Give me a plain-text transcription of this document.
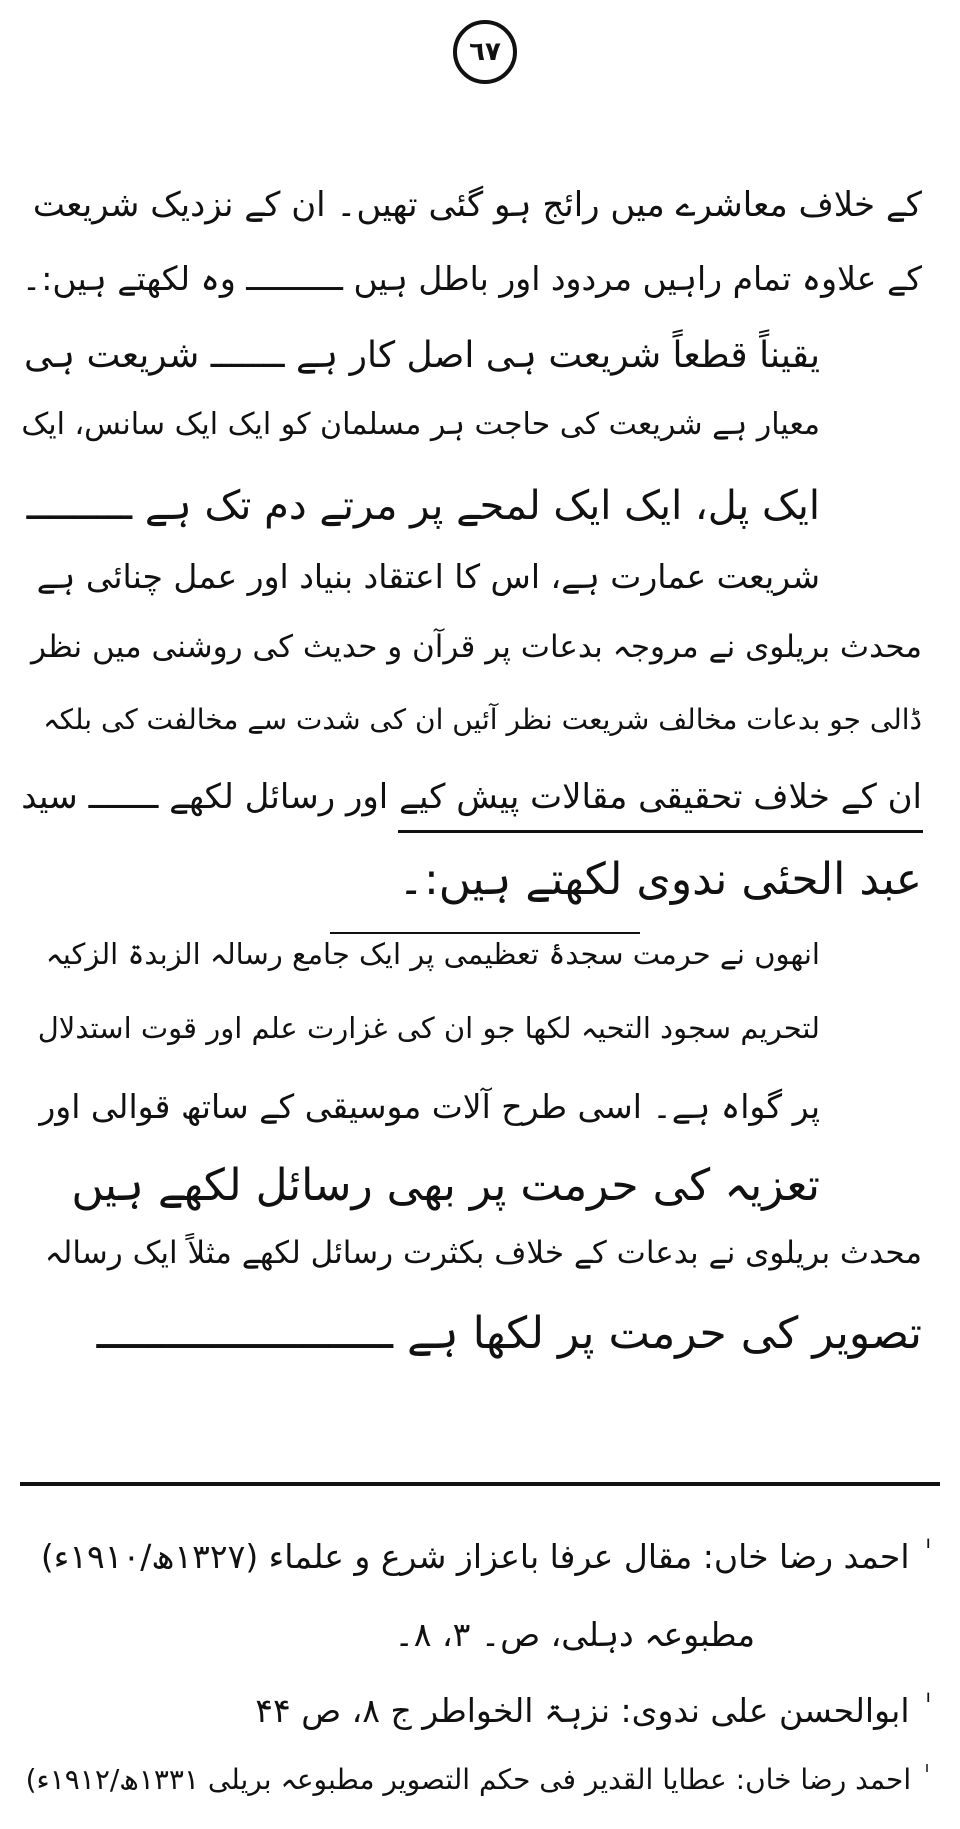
٦٧
کے خلاف معاشرے میں رائج ہو گئی تھیں۔ ان کے نزدیک شریعت
کے علاوہ تمام راہیں مردود اور باطل ہیں ــــــــــ وہ لکھتے ہیں:۔
یقیناً قطعاً شریعت ہی اصل کار ہے ـــــــ شریعت ہی
معیار ہے شریعت کی حاجت ہر مسلمان کو ایک ایک سانس، ایک
ایک پل، ایک ایک لمحے پر مرتے دم تک ہے ـــــــــ
شریعت عمارت ہے، اس کا اعتقاد بنیاد اور عمل چنائی ہے
محدث بریلوی نے مروجہ بدعات پر قرآن و حدیث کی روشنی میں نظر
ڈالی جو بدعات مخالف شریعت نظر آئیں ان کی شدت سے مخالفت کی بلکہ
ان کے خلاف تحقیقی مقالات پیش کیے اور رسائل لکھے ـــــــ سید
عبد الحئی ندوی لکھتے ہیں:۔
انھوں نے حرمت سجدۂ تعظیمی پر ایک جامع رسالہ الزبدۃ الزکیہ
لتحریم سجود التحیہ لکھا جو ان کی غزارت علم اور قوت استدلال
پر گواہ ہے۔ اسی طرح آلات موسیقی کے ساتھ قوالی اور
تعزیہ کی حرمت پر بھی رسائل لکھے ہیں
محدث بریلوی نے بدعات کے خلاف بکثرت رسائل لکھے مثلاً ایک رسالہ
تصویر کی حرمت پر لکھا ہے ـــــــــــــــــــــــ
ٰ احمد رضا خاں: مقال عرفا باعزاز شرع و علماء (۱۳۲۷ھ/۱۹۱۰ء)
مطبوعہ دہلی، ص۔ ۳، ۸۔
ٰ ابوالحسن علی ندوی: نزہۃ الخواطر ج ۸، ص ۴۴
ٰ احمد رضا خاں: عطایا القدیر فی حکم التصویر مطبوعہ بریلی ۱۳۳۱ھ/۱۹۱۲ء)
